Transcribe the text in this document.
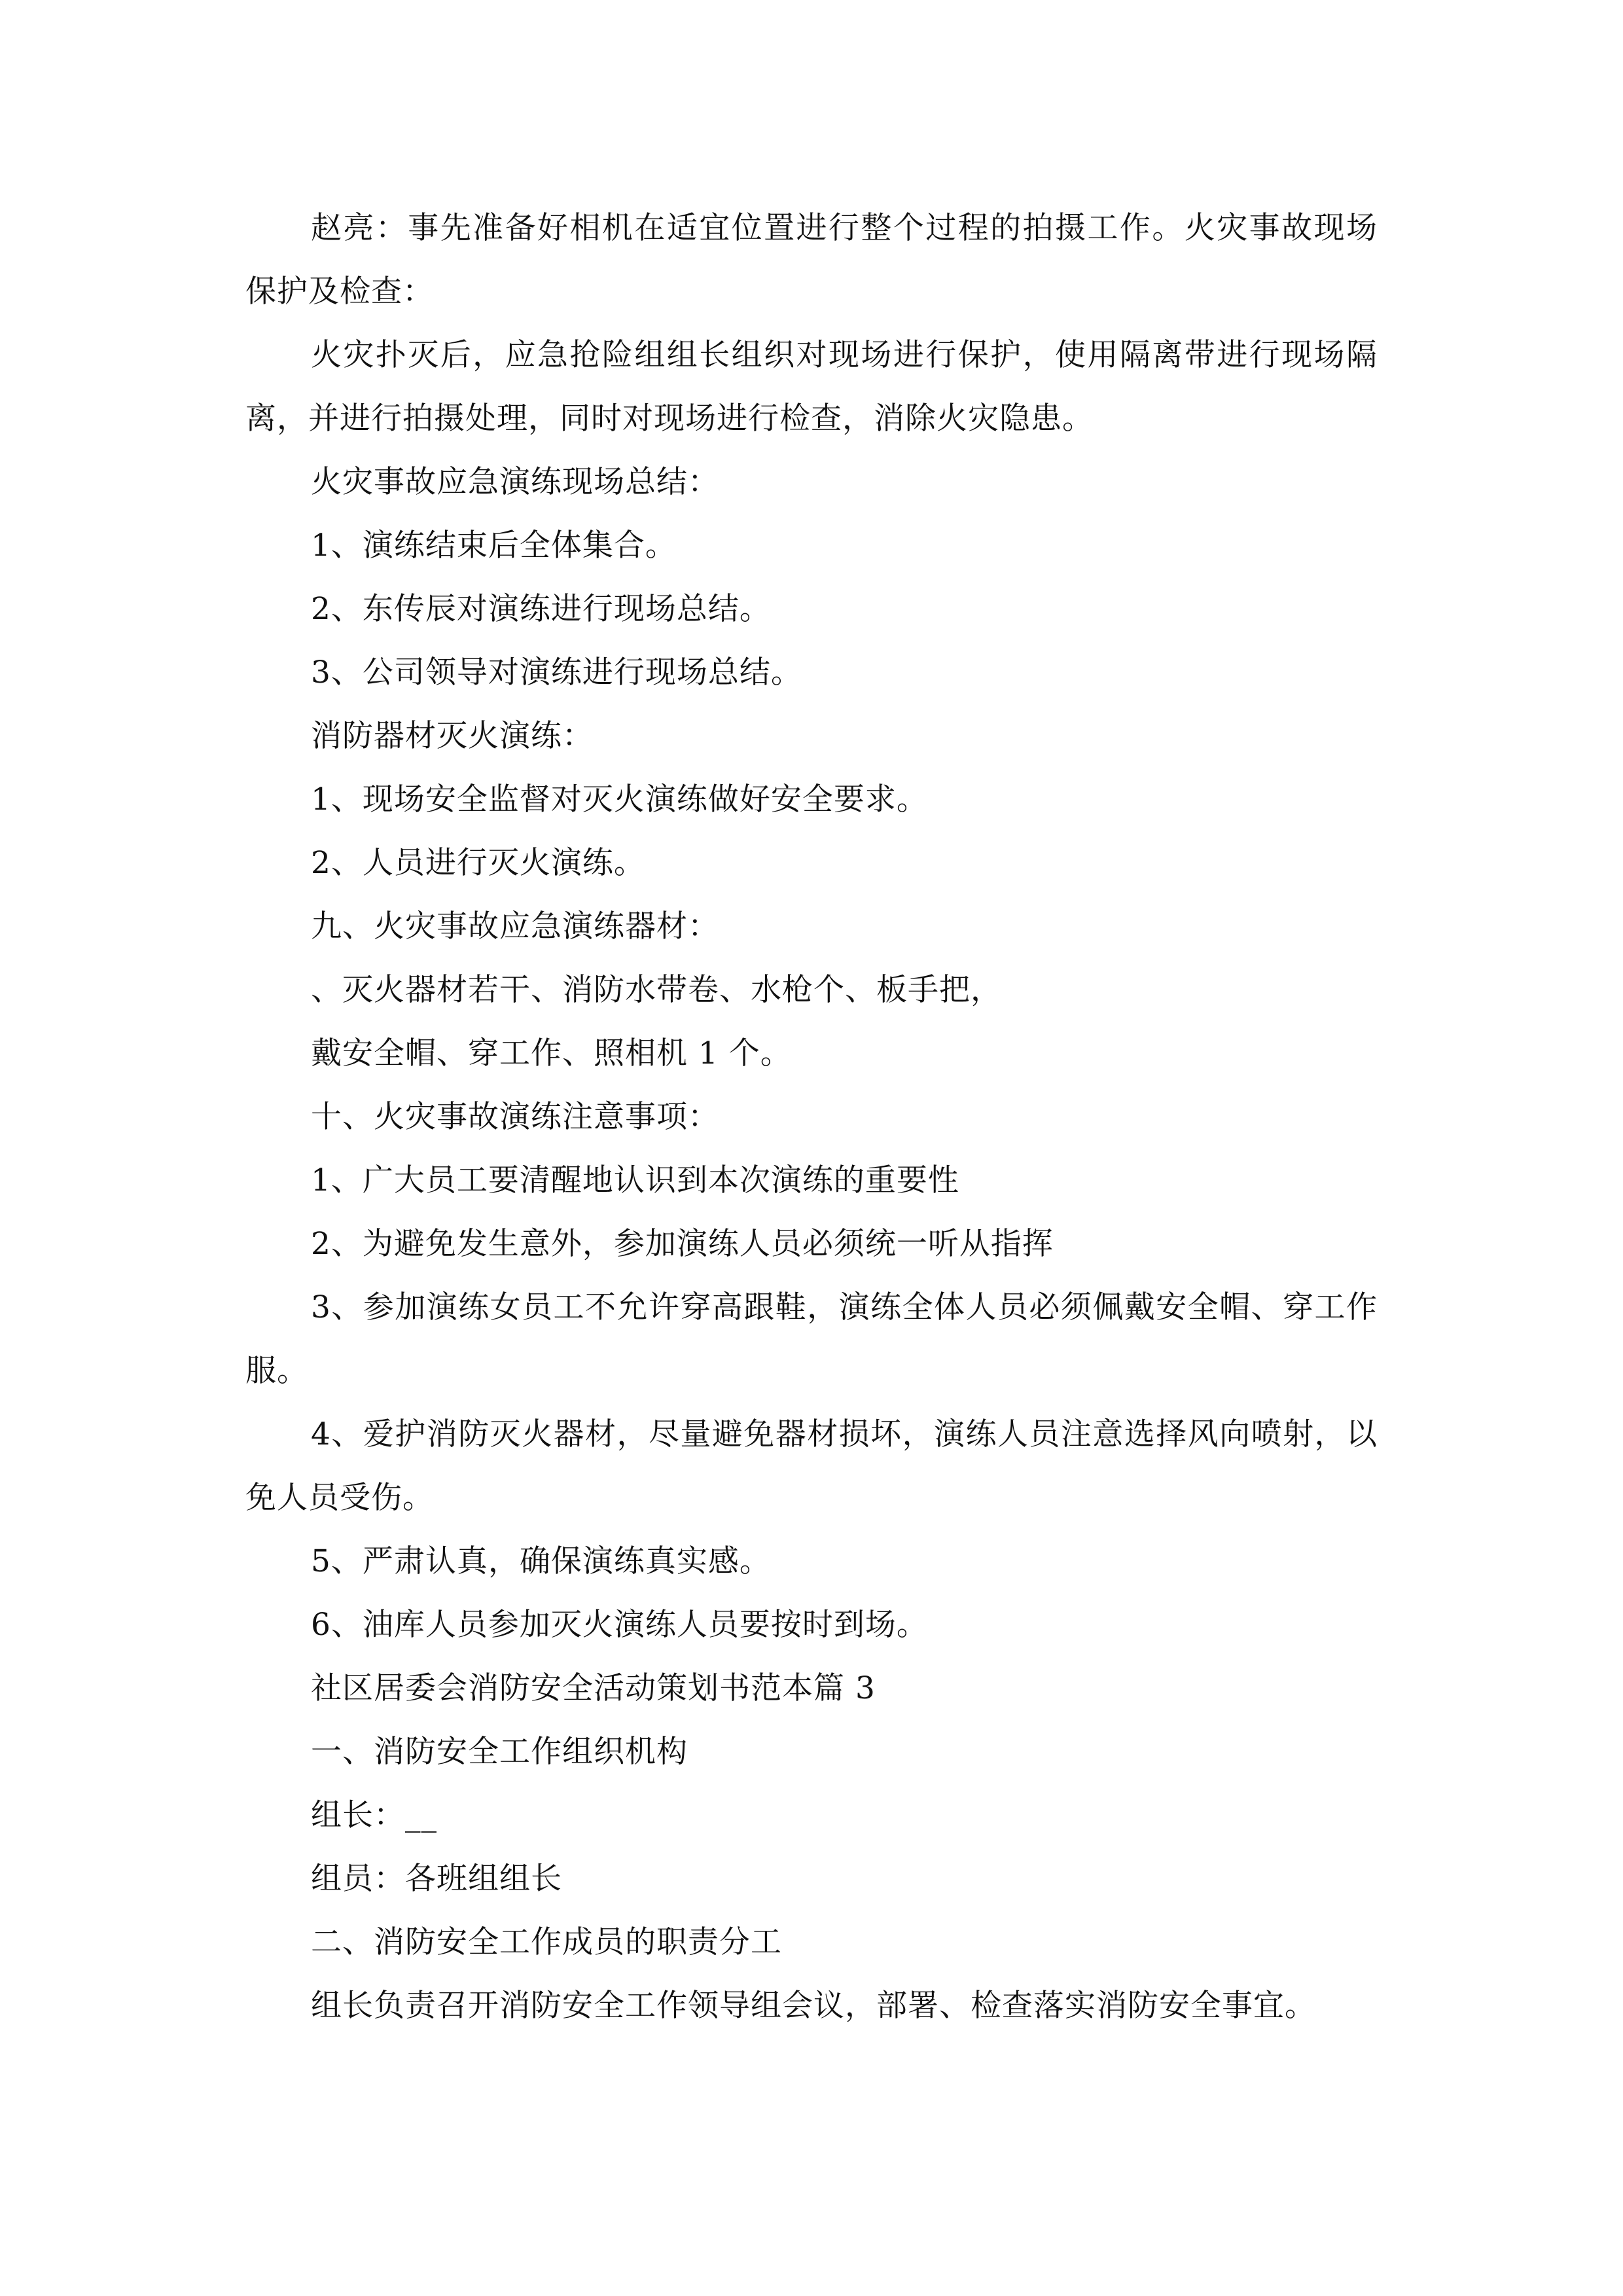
赵亮：事先准备好相机在适宜位置进行整个过程的拍摄工作。火灾事故现场保护及检查：

火灾扑灭后，应急抢险组组长组织对现场进行保护，使用隔离带进行现场隔离，并进行拍摄处理，同时对现场进行检查，消除火灾隐患。

火灾事故应急演练现场总结：

1、演练结束后全体集合。

2、东传辰对演练进行现场总结。

3、公司领导对演练进行现场总结。

消防器材灭火演练：

1、现场安全监督对灭火演练做好安全要求。

2、人员进行灭火演练。

九、火灾事故应急演练器材：

、灭火器材若干、消防水带卷、水枪个、板手把，

戴安全帽、穿工作、照相机 1 个。

十、火灾事故演练注意事项：

1、广大员工要清醒地认识到本次演练的重要性

2、为避免发生意外，参加演练人员必须统一听从指挥

3、参加演练女员工不允许穿高跟鞋，演练全体人员必须佩戴安全帽、穿工作服。

4、爱护消防灭火器材，尽量避免器材损坏，演练人员注意选择风向喷射，以免人员受伤。

5、严肃认真，确保演练真实感。

6、油库人员参加灭火演练人员要按时到场。

社区居委会消防安全活动策划书范本篇 3

一、消防安全工作组织机构

组长：__

组员：各班组组长

二、消防安全工作成员的职责分工

组长负责召开消防安全工作领导组会议，部署、检查落实消防安全事宜。
